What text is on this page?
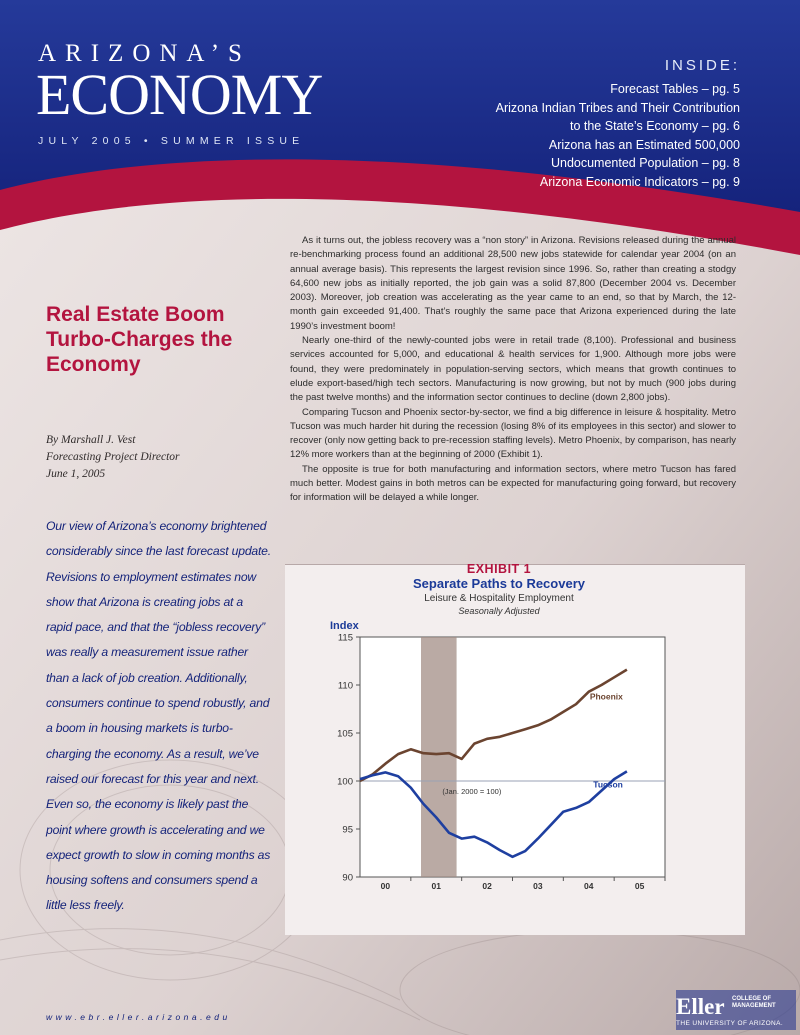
ARIZONA’S
ECONOMY
JULY 2005 • SUMMER ISSUE
INSIDE:
Forecast Tables – pg. 5
Arizona Indian Tribes and Their Contribution
to the State’s Economy – pg. 6
Arizona has an Estimated 500,000
Undocumented Population – pg. 8
Arizona Economic Indicators – pg. 9
Real Estate Boom
Turbo-Charges the
Economy
By Marshall J. Vest
Forecasting Project Director
June 1, 2005
Our view of Arizona’s economy brightened considerably since the last forecast update. Revisions to employment estimates now show that Arizona is creating jobs at a rapid pace, and that the “jobless recovery” was really a measurement issue rather than a lack of job creation. Additionally, consumers continue to spend robustly, and a boom in housing markets is turbo-charging the economy. As a result, we’ve raised our forecast for this year and next. Even so, the economy is likely past the point where growth is accelerating and we expect growth to slow in coming months as housing softens and consumers spend a little less freely.

As it turns out, the jobless recovery was a “non story” in Arizona. Revisions released during the annual re-benchmarking process found an additional 28,500 new jobs statewide for calendar year 2004 (on an annual average basis). This represents the largest revision since 1996. So, rather than creating a stodgy 64,600 new jobs as initially reported, the job gain was a solid 87,800 (December 2004 vs. December 2003). Moreover, job creation was accelerating as the year came to an end, so that by March, the 12-month gain exceeded 91,400. That’s roughly the same pace that Arizona experienced during the late 1990’s investment boom!

Nearly one-third of the newly-counted jobs were in retail trade (8,100). Professional and business services accounted for 5,000, and educational & health services for 1,900. Although more jobs were found, they were predominately in population-serving sectors, which means that growth continues to elude export-based/high tech sectors. Manufacturing is now growing, but not by much (900 jobs during the past twelve months) and the information sector continues to decline (down 2,800 jobs).

Comparing Tucson and Phoenix sector-by-sector, we find a big difference in leisure & hospitality. Metro Tucson was much harder hit during the recession (losing 8% of its employees in this sector) and slower to recover (only now getting back to pre-recession staffing levels). Metro Phoenix, by comparison, has nearly 12% more workers than at the beginning of 2000 (Exhibit 1).

The opposite is true for both manufacturing and information sectors, where metro Tucson has fared much better. Modest gains in both metros can be expected for manufacturing going forward, but recovery for information will be delayed a while longer.

EXHIBIT 1
Separate Paths to Recovery
Leisure & Hospitality Employment
Seasonally Adjusted
Index
90
95
100
105
110
115
00	01	02	03	04	05
Phoenix
Tucson
(Jan. 2000 = 100)
www.ebr.eller.arizona.edu	Eller COLLEGE OF
MANAGEMENT
THE UNIVERSITY OF ARIZONA.
